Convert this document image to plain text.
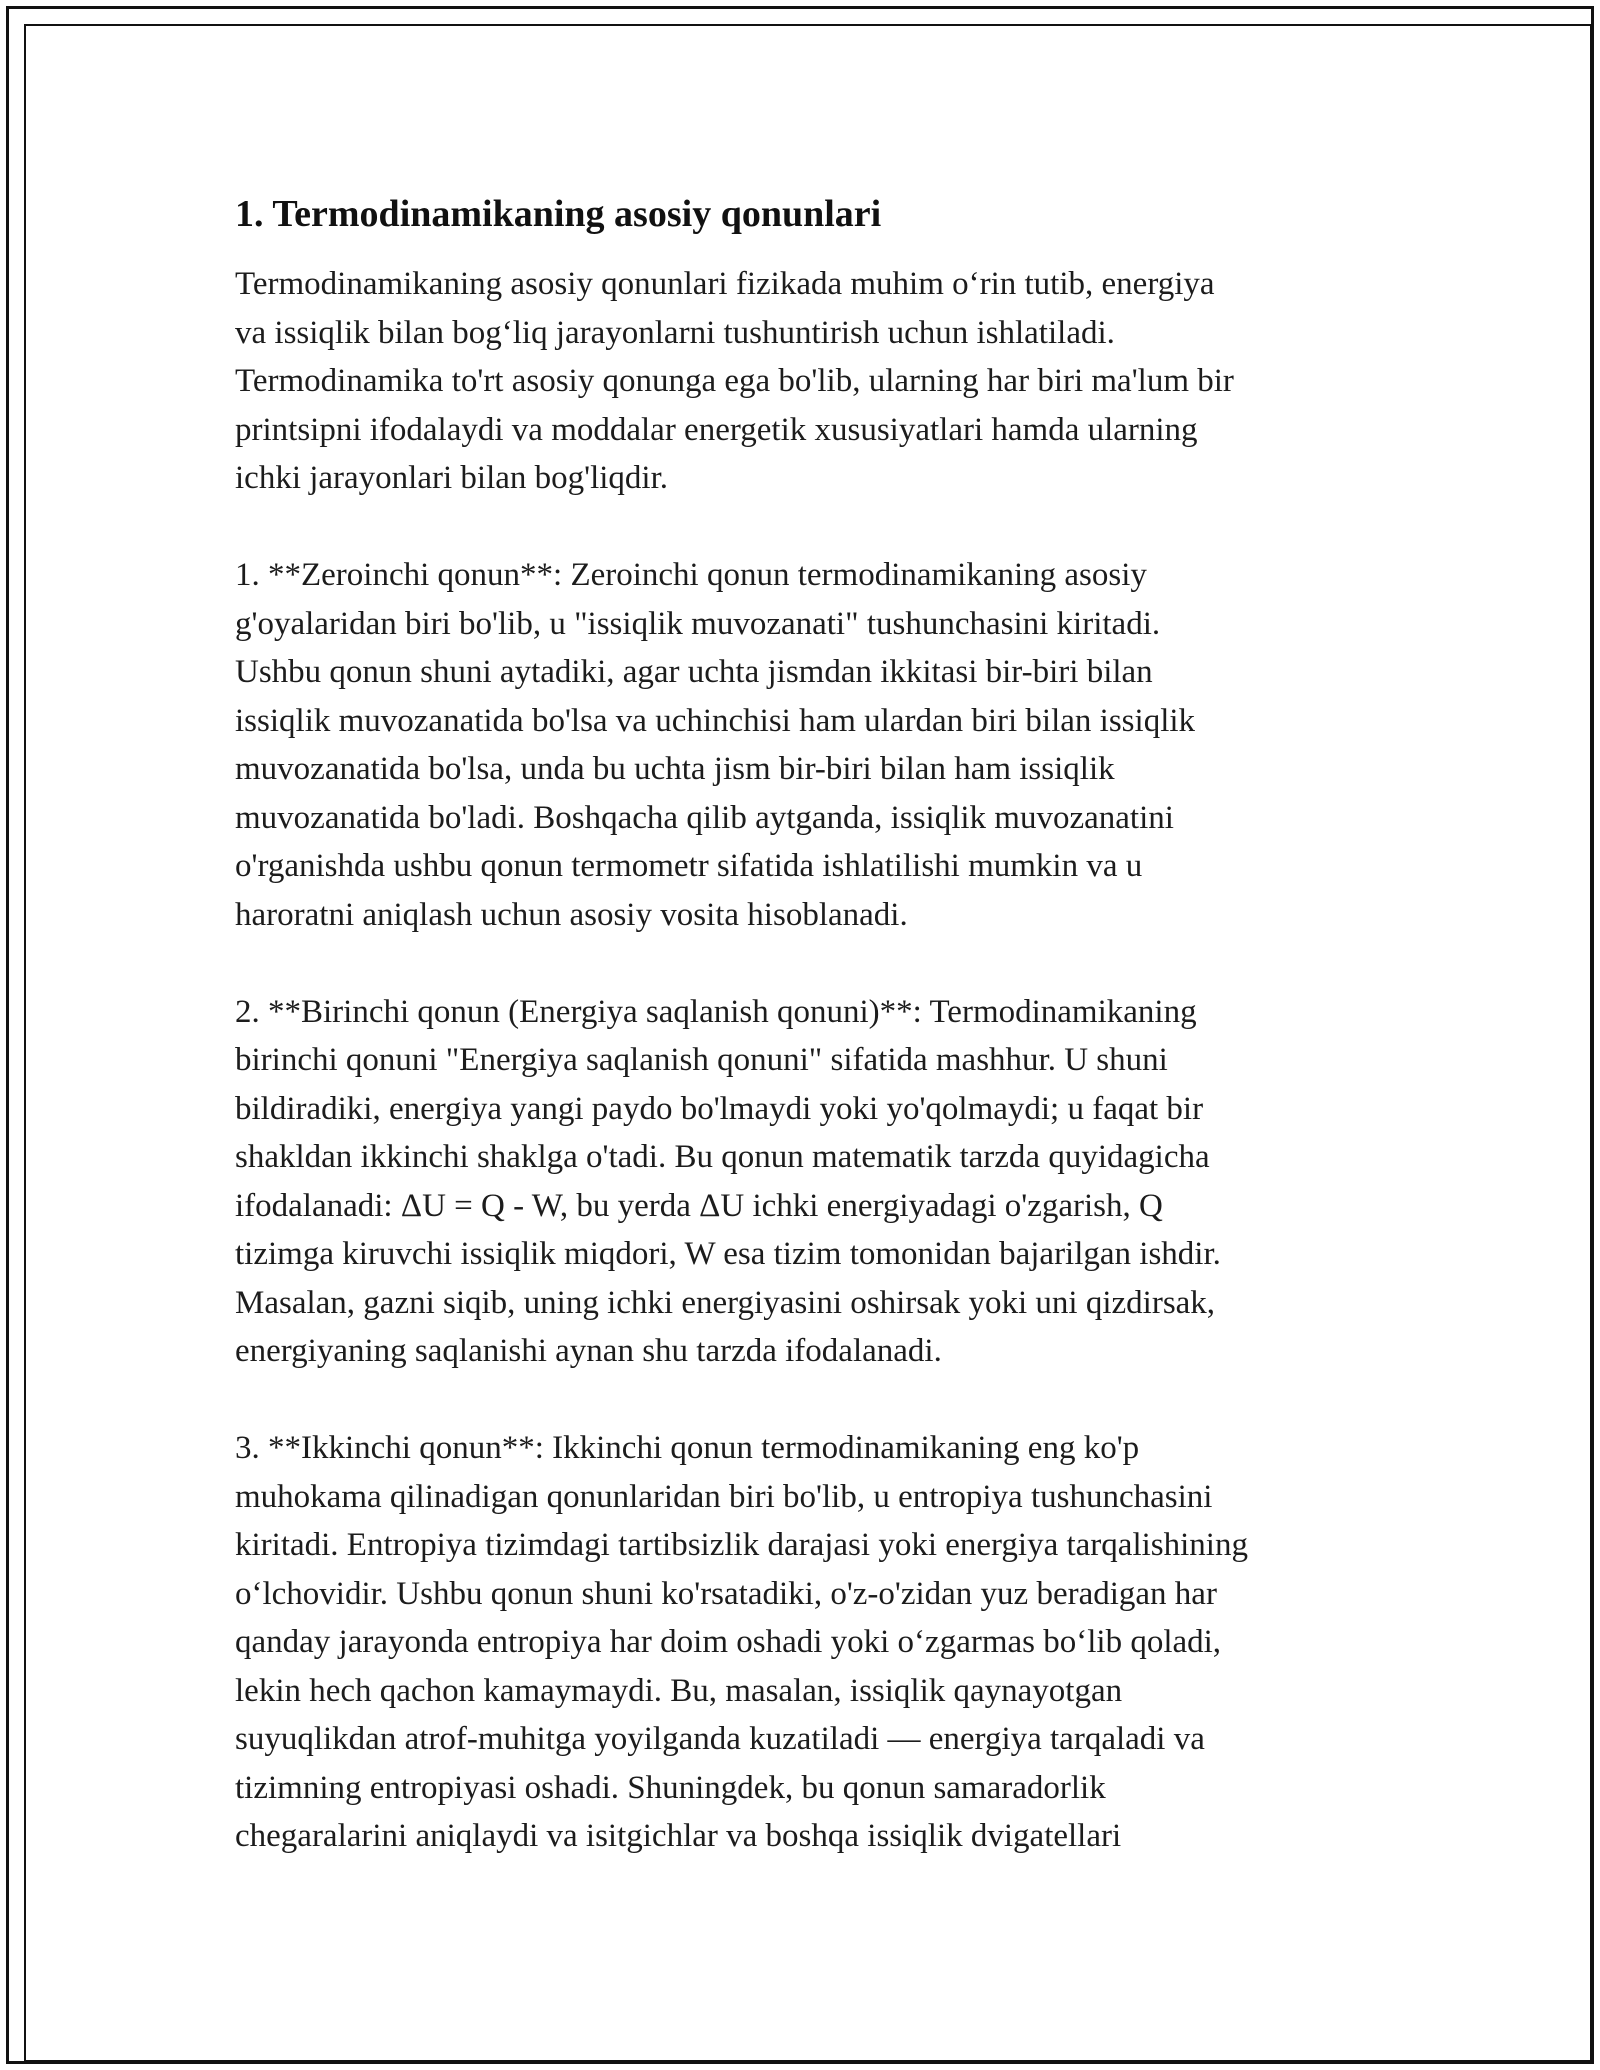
1. Termodinamikaning asosiy qonunlari
Termodinamikaning asosiy qonunlari fizikada muhim o‘rin tutib, energiya
va issiqlik bilan bog‘liq jarayonlarni tushuntirish uchun ishlatiladi.
Termodinamika to'rt asosiy qonunga ega bo'lib, ularning har biri ma'lum bir
printsipni ifodalaydi va moddalar energetik xususiyatlari hamda ularning
ichki jarayonlari bilan bog'liqdir.
1. **Zeroinchi qonun**: Zeroinchi qonun termodinamikaning asosiy
g'oyalaridan biri bo'lib, u "issiqlik muvozanati" tushunchasini kiritadi.
Ushbu qonun shuni aytadiki, agar uchta jismdan ikkitasi bir-biri bilan
issiqlik muvozanatida bo'lsa va uchinchisi ham ulardan biri bilan issiqlik
muvozanatida bo'lsa, unda bu uchta jism bir-biri bilan ham issiqlik
muvozanatida bo'ladi. Boshqacha qilib aytganda, issiqlik muvozanatini
o'rganishda ushbu qonun termometr sifatida ishlatilishi mumkin va u
haroratni aniqlash uchun asosiy vosita hisoblanadi.
2. **Birinchi qonun (Energiya saqlanish qonuni)**: Termodinamikaning
birinchi qonuni "Energiya saqlanish qonuni" sifatida mashhur. U shuni
bildiradiki, energiya yangi paydo bo'lmaydi yoki yo'qolmaydi; u faqat bir
shakldan ikkinchi shaklga o'tadi. Bu qonun matematik tarzda quyidagicha
ifodalanadi: ΔU = Q - W, bu yerda ΔU ichki energiyadagi o'zgarish, Q
tizimga kiruvchi issiqlik miqdori, W esa tizim tomonidan bajarilgan ishdir.
Masalan, gazni siqib, uning ichki energiyasini oshirsak yoki uni qizdirsak,
energiyaning saqlanishi aynan shu tarzda ifodalanadi.
3. **Ikkinchi qonun**: Ikkinchi qonun termodinamikaning eng ko'p
muhokama qilinadigan qonunlaridan biri bo'lib, u entropiya tushunchasini
kiritadi. Entropiya tizimdagi tartibsizlik darajasi yoki energiya tarqalishining
o‘lchovidir. Ushbu qonun shuni ko'rsatadiki, o'z-o'zidan yuz beradigan har
qanday jarayonda entropiya har doim oshadi yoki o‘zgarmas bo‘lib qoladi,
lekin hech qachon kamaymaydi. Bu, masalan, issiqlik qaynayotgan
suyuqlikdan atrof-muhitga yoyilganda kuzatiladi — energiya tarqaladi va
tizimning entropiyasi oshadi. Shuningdek, bu qonun samaradorlik
chegaralarini aniqlaydi va isitgichlar va boshqa issiqlik dvigatellari
